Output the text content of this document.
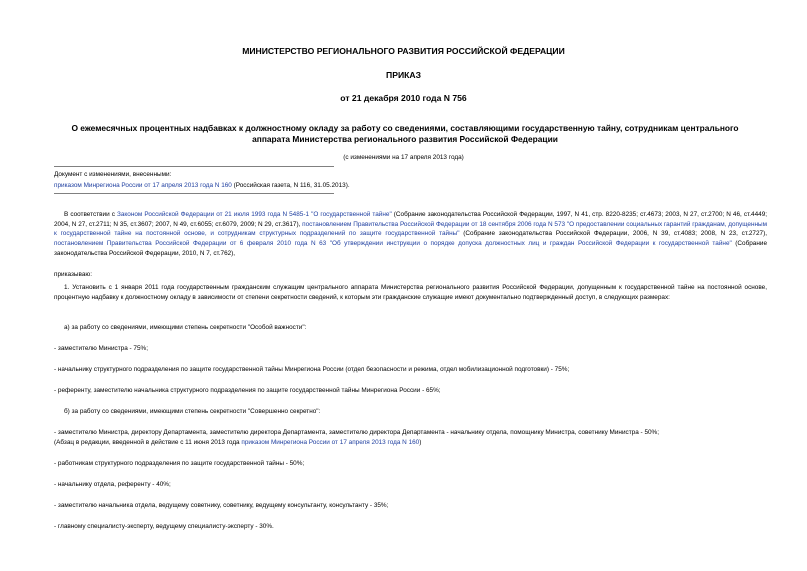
МИНИСТЕРСТВО РЕГИОНАЛЬНОГО РАЗВИТИЯ РОССИЙСКОЙ ФЕДЕРАЦИИ
ПРИКАЗ
от 21 декабря 2010 года N 756
О ежемесячных процентных надбавках к должностному окладу за работу со сведениями, составляющими государственную тайну, сотрудникам центрального
аппарата Министерства регионального развития Российской Федерации
(с изменениями на 17 апреля 2013 года)
Документ с изменениями, внесенными:
приказом Минрегиона России от 17 апреля 2013 года N 160 (Российская газета, N 116, 31.05.2013).
В соответствии с Законом Российской Федерации от 21 июля 1993 года N 5485-1 "О государственной тайне" (Собрание законодательства Российской Федерации, 1997, N 41, стр. 8220-8235; ст.4673; 2003, N 27, ст.2700; N 46, ст.4449; 2004, N 27, ст.2711; N 35, ст.3607; 2007, N 49, ст.6055; ст.6079, 2009; N 29, ст.3617), постановлением Правительства Российской Федерации от 18 сентября 2006 года N 573 "О предоставлении социальных гарантий гражданам, допущенным к государственной тайне на постоянной основе, и сотрудникам структурных подразделений по защите государственной тайны" (Собрание законодательства Российской Федерации, 2006, N 39, ст.4083; 2008, N 23, ст.2727), постановлением Правительства Российской Федерации от 6 февраля 2010 года N 63 "Об утверждении инструкции о порядке допуска должностных лиц и граждан Российской Федерации к государственной тайне" (Собрание законодательства Российской Федерации, 2010, N 7, ст.762),
приказываю:
1. Установить с 1 января 2011 года государственным гражданским служащим центрального аппарата Министерства регионального развития Российской Федерации, допущенным к государственной тайне на постоянной основе, процентную надбавку к должностному окладу в зависимости от степени секретности сведений, к которым эти гражданские служащие имеют документально подтвержденный доступ, в следующих размерах:
а) за работу со сведениями, имеющими степень секретности "Особой важности":
- заместителю Министра - 75%;
- начальнику структурного подразделения по защите государственной тайны Минрегиона России (отдел безопасности и режима, отдел мобилизационной подготовки) - 75%;
- референту, заместителю начальника структурного подразделения по защите государственной тайны Минрегиона России - 65%;
б) за работу со сведениями, имеющими степень секретности "Совершенно секретно":
- заместителю Министра, директору Департамента, заместителю директора Департамента, заместителю директора Департамента - начальнику отдела, помощнику Министра, советнику Министра - 50%;
(Абзац в редакции, введенной в действие с 11 июня 2013 года приказом Минрегиона России от 17 апреля 2013 года N 160)
- работникам структурного подразделения по защите государственной тайны - 50%;
- начальнику отдела, референту - 40%;
- заместителю начальника отдела, ведущему советнику, советнику, ведущему консультанту, консультанту - 35%;
- главному специалисту-эксперту, ведущему специалисту-эксперту - 30%.
